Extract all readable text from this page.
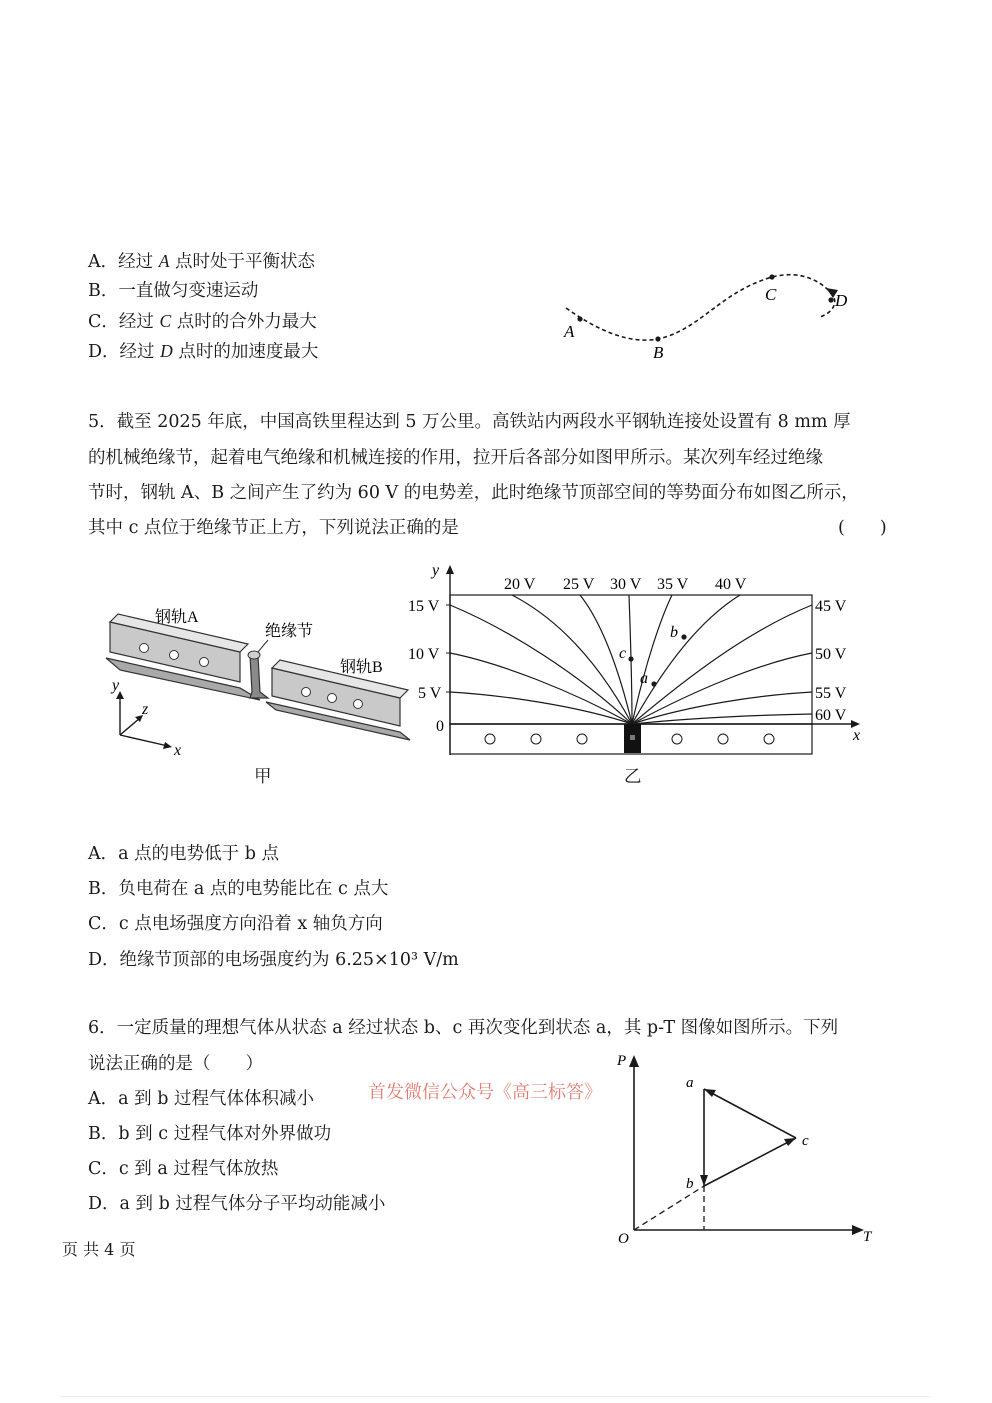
A．经过 A 点时处于平衡状态
B．一直做匀变速运动
C．经过 C 点时的合外力最大
D．经过 D 点时的加速度最大
A
B
C	D
5．截至 2025 年底，中国高铁里程达到 5 万公里。高铁站内两段水平钢轨连接处设置有 8 mm 厚
的机械绝缘节，起着电气绝缘和机械连接的作用，拉开后各部分如图甲所示。某次列车经过绝缘
节时，钢轨 A、B 之间产生了约为 60 V 的电势差，此时绝缘节顶部空间的等势面分布如图乙所示，
其中 c 点位于绝缘节正上方，下列说法正确的是	(　　)
钢轨A
绝缘节
钢轨B
x
y
z
甲
y
x
15 V
10 V
5 V
0
20 V 25 V 30 V 35 V 40 V
45 V
50 V
55 V
60 V
a
b
c
乙
A．a 点的电势低于 b 点
B．负电荷在 a 点的电势能比在 c 点大
C．c 点电场强度方向沿着 x 轴负方向
D．绝缘节顶部的电场强度约为 6.25×10³ V/m
6．一定质量的理想气体从状态 a 经过状态 b、c 再次变化到状态 a，其 p-T 图像如图所示。下列
说法正确的是（　　）
A．a 到 b 过程气体体积减小
B．b 到 c 过程气体对外界做功
C．c 到 a 过程气体放热
D．a 到 b 过程气体分子平均动能减小
首发微信公众号《高三标答》
P
T
O
a
b
c
页 共 4 页
